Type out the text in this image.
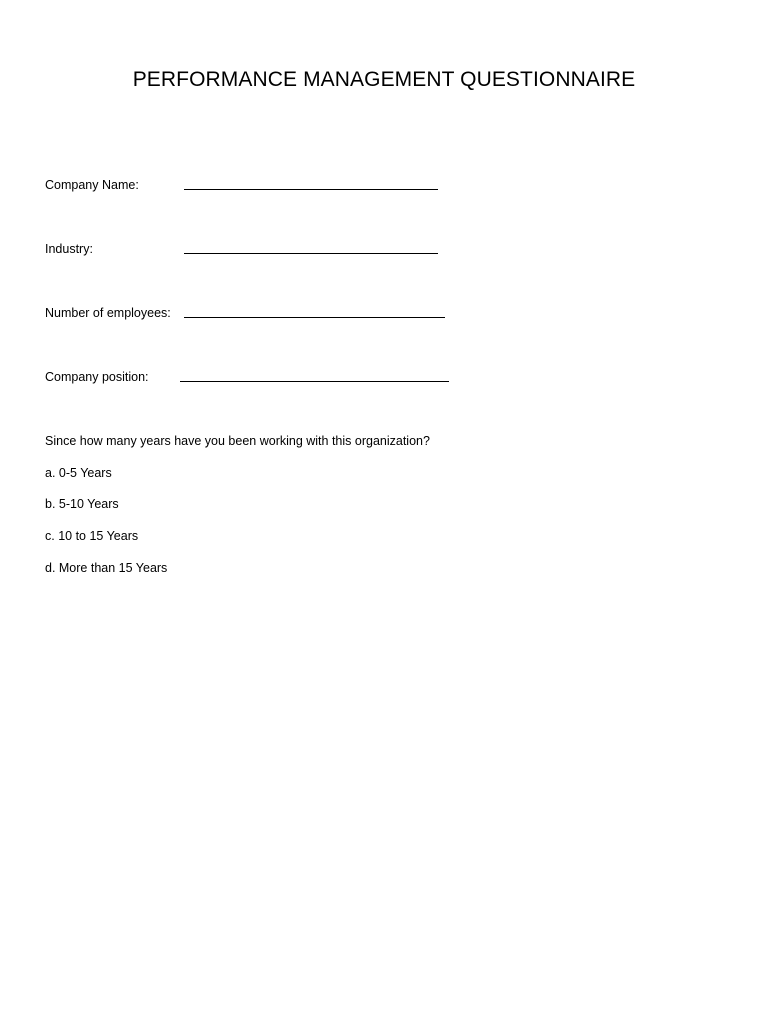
PERFORMANCE MANAGEMENT QUESTIONNAIRE
Company Name:
Industry:
Number of employees:
Company position:
Since how many years have you been working with this organization?
a. 0-5 Years
b. 5-10 Years
c. 10 to 15 Years
d. More than 15 Years
